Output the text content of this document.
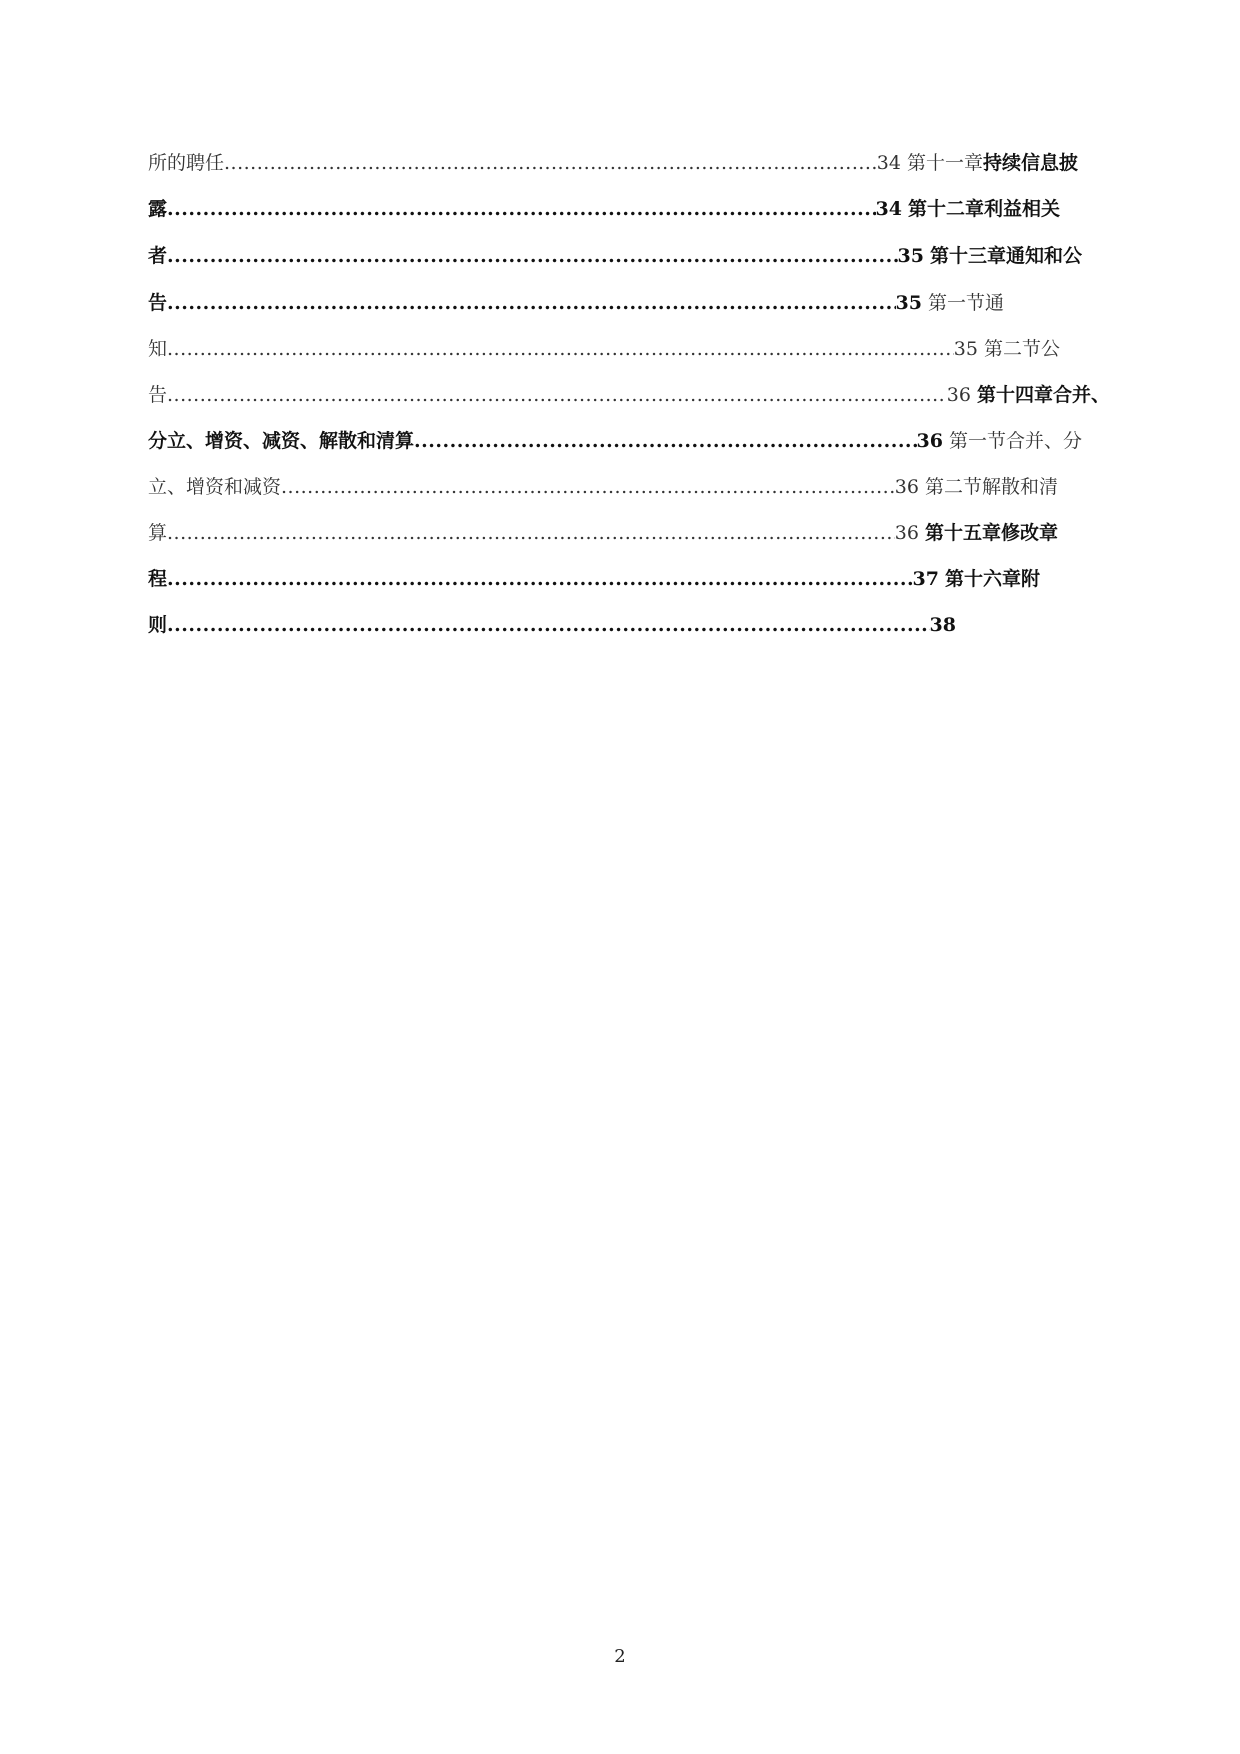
所的聘任 .....	34 第十一章持续信息披
露 .....	34 第十二章利益相关
者 .....	35 第十三章通知和公
告 .....	35 第一节通
知 .....	35 第二节公
告 .....	36 第十四章合并、
分立、增资、减资、解散和清算 .....	36 第一节合并、分
立、增资和减资 .....	36 第二节解散和清
算 .....	36 第十五章修改章
程 .....	37 第十六章附
则 .....	38
2
